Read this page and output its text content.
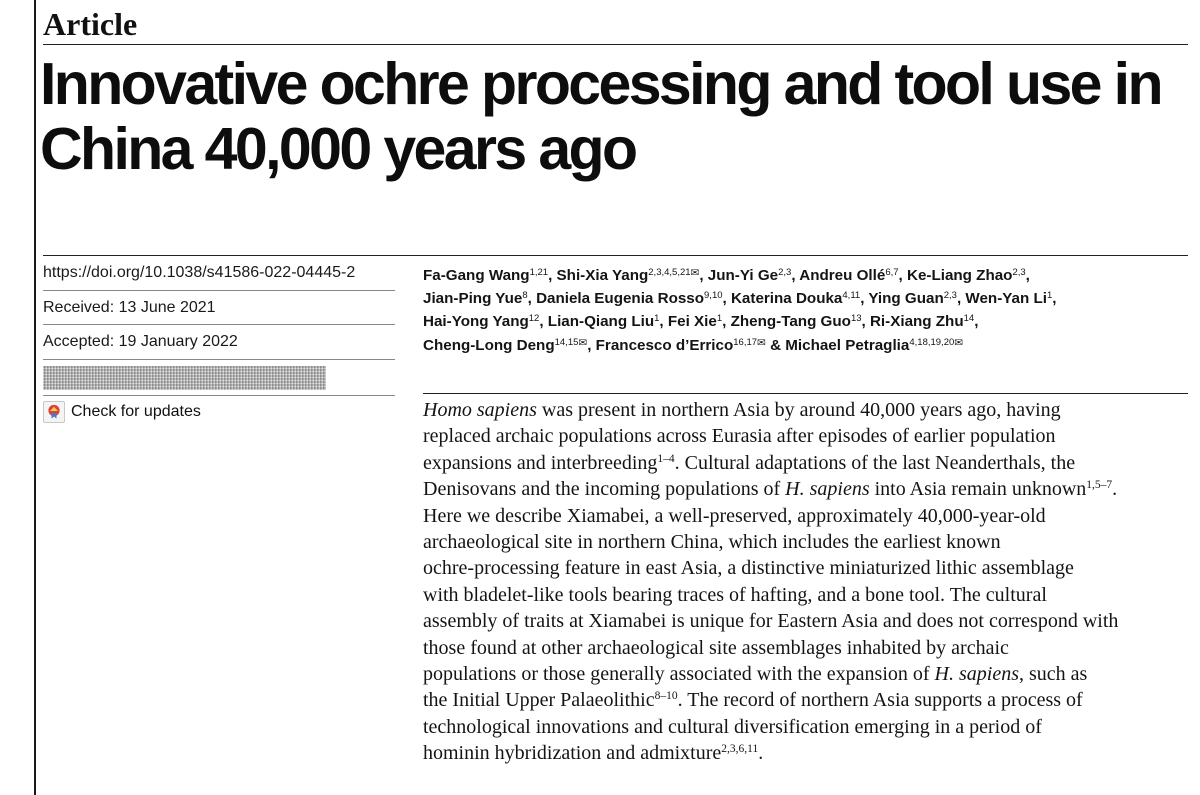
Article
Innovative ochre processing and tool use in
China 40,000 years ago
https://doi.org/10.1038/s41586-022-04445-2
Received: 13 June 2021
Accepted: 19 January 2022
Check for updates
Fa-Gang Wang$^{1,21}$, Shi-Xia Yang$^{2,3,4,5,21✉}$, Jun-Yi Ge$^{2,3}$, Andreu Ollé$^{6,7}$, Ke-Liang Zhao$^{2,3}$,
Jian-Ping Yue$^8$, Daniela Eugenia Rosso$^{9,10}$, Katerina Douka$^{4,11}$, Ying Guan$^{2,3}$, Wen-Yan Li$^1$,
Hai-Yong Yang$^{12}$, Lian-Qiang Liu$^1$, Fei Xie$^1$, Zheng-Tang Guo$^{13}$, Ri-Xiang Zhu$^{14}$,
Cheng-Long Deng$^{14,15✉}$, Francesco d’Errico$^{16,17✉}$ & Michael Petraglia$^{4,18,19,20✉}$
Homo sapiens was present in northern Asia by around 40,000 years ago, having
replaced archaic populations across Eurasia after episodes of earlier population
expansions and interbreeding$^{1-4}$. Cultural adaptations of the last Neanderthals, the
Denisovans and the incoming populations of H. sapiens into Asia remain unknown$^{1,5-7}$.
Here we describe Xiamabei, a well-preserved, approximately 40,000-year-old
archaeological site in northern China, which includes the earliest known
ochre-processing feature in east Asia, a distinctive miniaturized lithic assemblage
with bladelet-like tools bearing traces of hafting, and a bone tool. The cultural
assembly of traits at Xiamabei is unique for Eastern Asia and does not correspond with
those found at other archaeological site assemblages inhabited by archaic
populations or those generally associated with the expansion of H. sapiens, such as
the Initial Upper Palaeolithic$^{8-10}$. The record of northern Asia supports a process of
technological innovations and cultural diversification emerging in a period of
hominin hybridization and admixture$^{2,3,6,11}$.
